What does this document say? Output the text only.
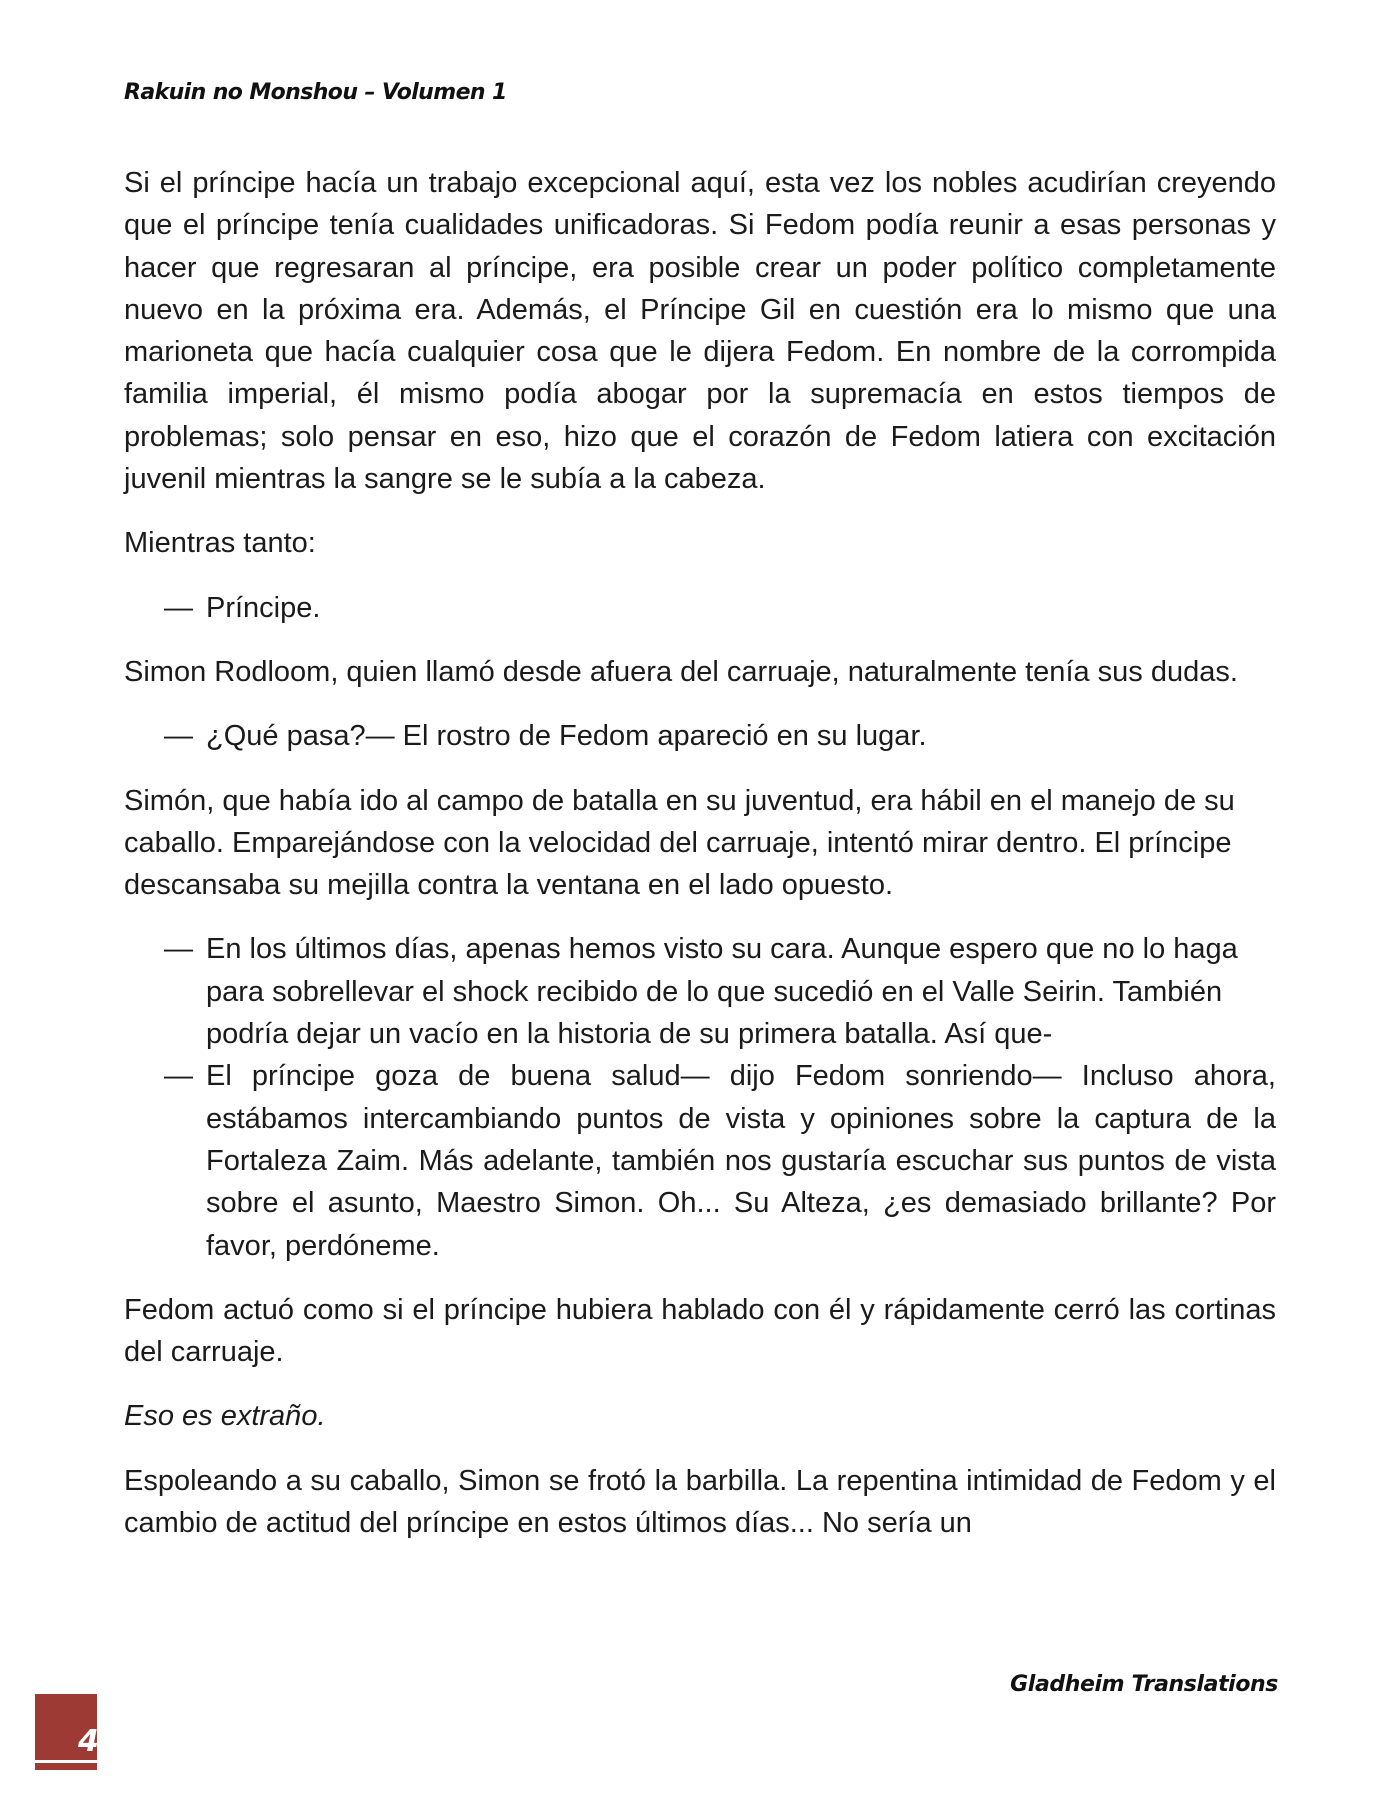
Rakuin no Monshou – Volumen 1

Si el príncipe hacía un trabajo excepcional aquí, esta vez los nobles acudirían creyendo que el príncipe tenía cualidades unificadoras. Si Fedom podía reunir a esas personas y hacer que regresaran al príncipe, era posible crear un poder político completamente nuevo en la próxima era. Además, el Príncipe Gil en cuestión era lo mismo que una marioneta que hacía cualquier cosa que le dijera Fedom. En nombre de la corrompida familia imperial, él mismo podía abogar por la supremacía en estos tiempos de problemas; solo pensar en eso, hizo que el corazón de Fedom latiera con excitación juvenil mientras la sangre se le subía a la cabeza.

Mientras tanto:

— Príncipe.

Simon Rodloom, quien llamó desde afuera del carruaje, naturalmente tenía sus dudas.

— ¿Qué pasa?— El rostro de Fedom apareció en su lugar.

Simón, que había ido al campo de batalla en su juventud, era hábil en el manejo de su caballo. Emparejándose con la velocidad del carruaje, intentó mirar dentro. El príncipe descansaba su mejilla contra la ventana en el lado opuesto.

— En los últimos días, apenas hemos visto su cara. Aunque espero que no lo haga para sobrellevar el shock recibido de lo que sucedió en el Valle Seirin. También podría dejar un vacío en la historia de su primera batalla. Así que-
— El príncipe goza de buena salud— dijo Fedom sonriendo— Incluso ahora, estábamos intercambiando puntos de vista y opiniones sobre la captura de la Fortaleza Zaim. Más adelante, también nos gustaría escuchar sus puntos de vista sobre el asunto, Maestro Simon. Oh... Su Alteza, ¿es demasiado brillante? Por favor, perdóneme.

Fedom actuó como si el príncipe hubiera hablado con él y rápidamente cerró las cortinas del carruaje.

Eso es extraño.

Espoleando a su caballo, Simon se frotó la barbilla. La repentina intimidad de Fedom y el cambio de actitud del príncipe en estos últimos días... No sería un

Gladheim Translations
4
